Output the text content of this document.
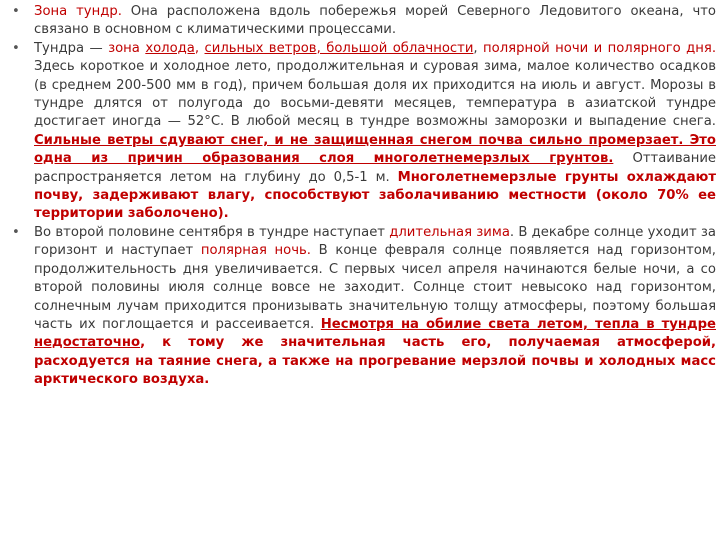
• Зона тундр. Она расположена вдоль побережья морей Северного Ледовитого океана, что связано в основном с климатическими процессами.
• Тундра — зона холода, сильных ветров, большой облачности, полярной ночи и полярного дня. Здесь короткое и холодное лето, продолжительная и суровая зима, малое количество осадков (в среднем 200-500 мм в год), причем большая доля их приходится на июль и август. Морозы в тундре длятся от полугода до восьми-девяти месяцев, температура в азиатской тундре достигает иногда — 52°С. В любой месяц в тундре возможны заморозки и выпадение снега. Сильные ветры сдувают снег, и не защищенная снегом почва сильно промерзает. Это одна из причин образования слоя многолетнемерзлых грунтов. Оттаивание распространяется летом на глубину до 0,5-1 м. Многолетнемерзлые грунты охлаждают почву, задерживают влагу, способствуют заболачиванию местности (около 70% ее территории заболочено).
• Во второй половине сентября в тундре наступает длительная зима. В декабре солнце уходит за горизонт и наступает полярная ночь. В конце февраля солнце появляется над горизонтом, продолжительность дня увеличивается. С первых чисел апреля начинаются белые ночи, а со второй половины июля солнце вовсе не заходит. Солнце стоит невысоко над горизонтом, солнечным лучам приходится пронизывать значительную толщу атмосферы, поэтому большая часть их поглощается и рассеивается. Несмотря на обилие света летом, тепла в тундре недостаточно, к тому же значительная часть его, получаемая атмосферой, расходуется на таяние снега, а также на прогревание мерзлой почвы и холодных масс арктического воздуха.
